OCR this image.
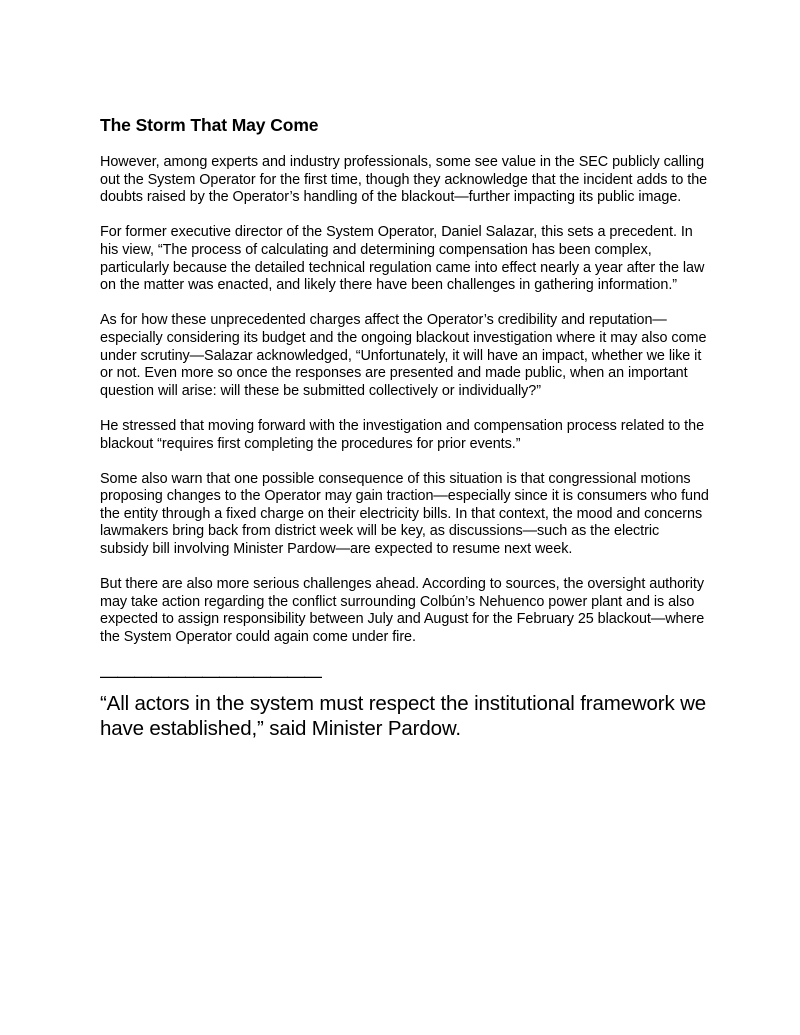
The Storm That May Come

However, among experts and industry professionals, some see value in the SEC publicly calling out the System Operator for the first time, though they acknowledge that the incident adds to the doubts raised by the Operator’s handling of the blackout—further impacting its public image.

For former executive director of the System Operator, Daniel Salazar, this sets a precedent. In his view, “The process of calculating and determining compensation has been complex, particularly because the detailed technical regulation came into effect nearly a year after the law on the matter was enacted, and likely there have been challenges in gathering information.”

As for how these unprecedented charges affect the Operator’s credibility and reputation—especially considering its budget and the ongoing blackout investigation where it may also come under scrutiny—Salazar acknowledged, “Unfortunately, it will have an impact, whether we like it or not. Even more so once the responses are presented and made public, when an important question will arise: will these be submitted collectively or individually?”

He stressed that moving forward with the investigation and compensation process related to the blackout “requires first completing the procedures for prior events.”

Some also warn that one possible consequence of this situation is that congressional motions proposing changes to the Operator may gain traction—especially since it is consumers who fund the entity through a fixed charge on their electricity bills. In that context, the mood and concerns lawmakers bring back from district week will be key, as discussions—such as the electric subsidy bill involving Minister Pardow—are expected to resume next week.

But there are also more serious challenges ahead. According to sources, the oversight authority may take action regarding the conflict surrounding Colbún’s Nehuenco power plant and is also expected to assign responsibility between July and August for the February 25 blackout—where the System Operator could again come under fire.

—————————————

“All actors in the system must respect the institutional framework we have established,” said Minister Pardow.
